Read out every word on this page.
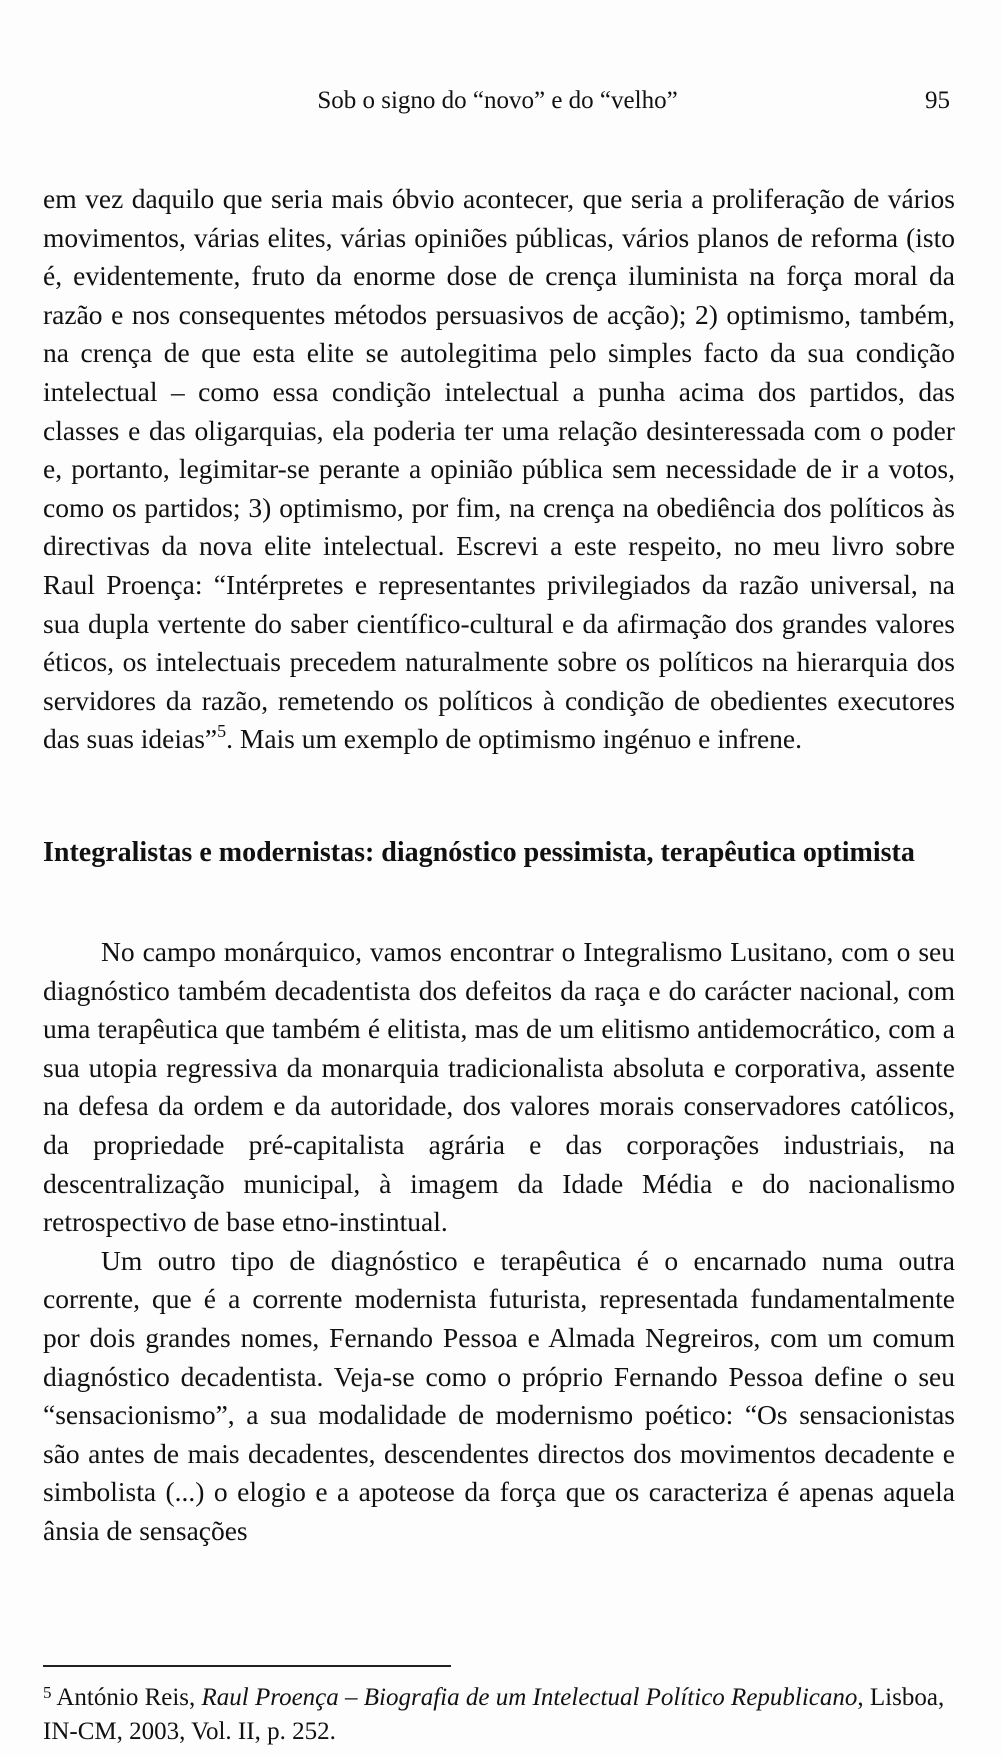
Sob o signo do “novo” e do “velho”	95

em vez daquilo que seria mais óbvio acontecer, que seria a proliferação de vários movimentos, várias elites, várias opiniões públicas, vários planos de reforma (isto é, evidentemente, fruto da enorme dose de crença iluminista na força moral da razão e nos consequentes métodos persuasivos de acção); 2) optimismo, também, na crença de que esta elite se autolegitima pelo simples facto da sua condição intelectual – como essa condição intelectual a punha acima dos partidos, das classes e das oligarquias, ela poderia ter uma relação desinteressada com o poder e, portanto, legimitar-se perante a opinião pública sem necessidade de ir a votos, como os partidos; 3) optimismo, por fim, na crença na obediência dos políticos às directivas da nova elite intelectual. Escrevi a este respeito, no meu livro sobre Raul Proença: “Intérpretes e representantes privilegiados da razão universal, na sua dupla vertente do saber científico-cultural e da afirmação dos grandes valores éticos, os intelectuais precedem naturalmente sobre os políticos na hierarquia dos servidores da razão, remetendo os políticos à condição de obedientes executores das suas ideias”$^5$. Mais um exemplo de optimismo ingénuo e infrene.

Integralistas e modernistas: diagnóstico pessimista, terapêutica optimista

No campo monárquico, vamos encontrar o Integralismo Lusitano, com o seu diagnóstico também decadentista dos defeitos da raça e do carácter nacional, com uma terapêutica que também é elitista, mas de um elitismo antidemocrático, com a sua utopia regressiva da monarquia tradicionalista absoluta e corporativa, assente na defesa da ordem e da autoridade, dos valores morais conservadores católicos, da propriedade pré-capitalista agrária e das corporações industriais, na descentralização municipal, à imagem da Idade Média e do nacionalismo retrospectivo de base etno-instintual.

Um outro tipo de diagnóstico e terapêutica é o encarnado numa outra corrente, que é a corrente modernista futurista, representada fundamentalmente por dois grandes nomes, Fernando Pessoa e Almada Negreiros, com um comum diagnóstico decadentista. Veja-se como o próprio Fernando Pessoa define o seu “sensacionismo”, a sua modalidade de modernismo poético: “Os sensacionistas são antes de mais decadentes, descendentes directos dos movimentos decadente e simbolista (...) o elogio e a apoteose da força que os caracteriza é apenas aquela ânsia de sensações

$^5$ António Reis, Raul Proença – Biografia de um Intelectual Político Republicano, Lisboa, IN-CM, 2003, Vol. II, p. 252.
